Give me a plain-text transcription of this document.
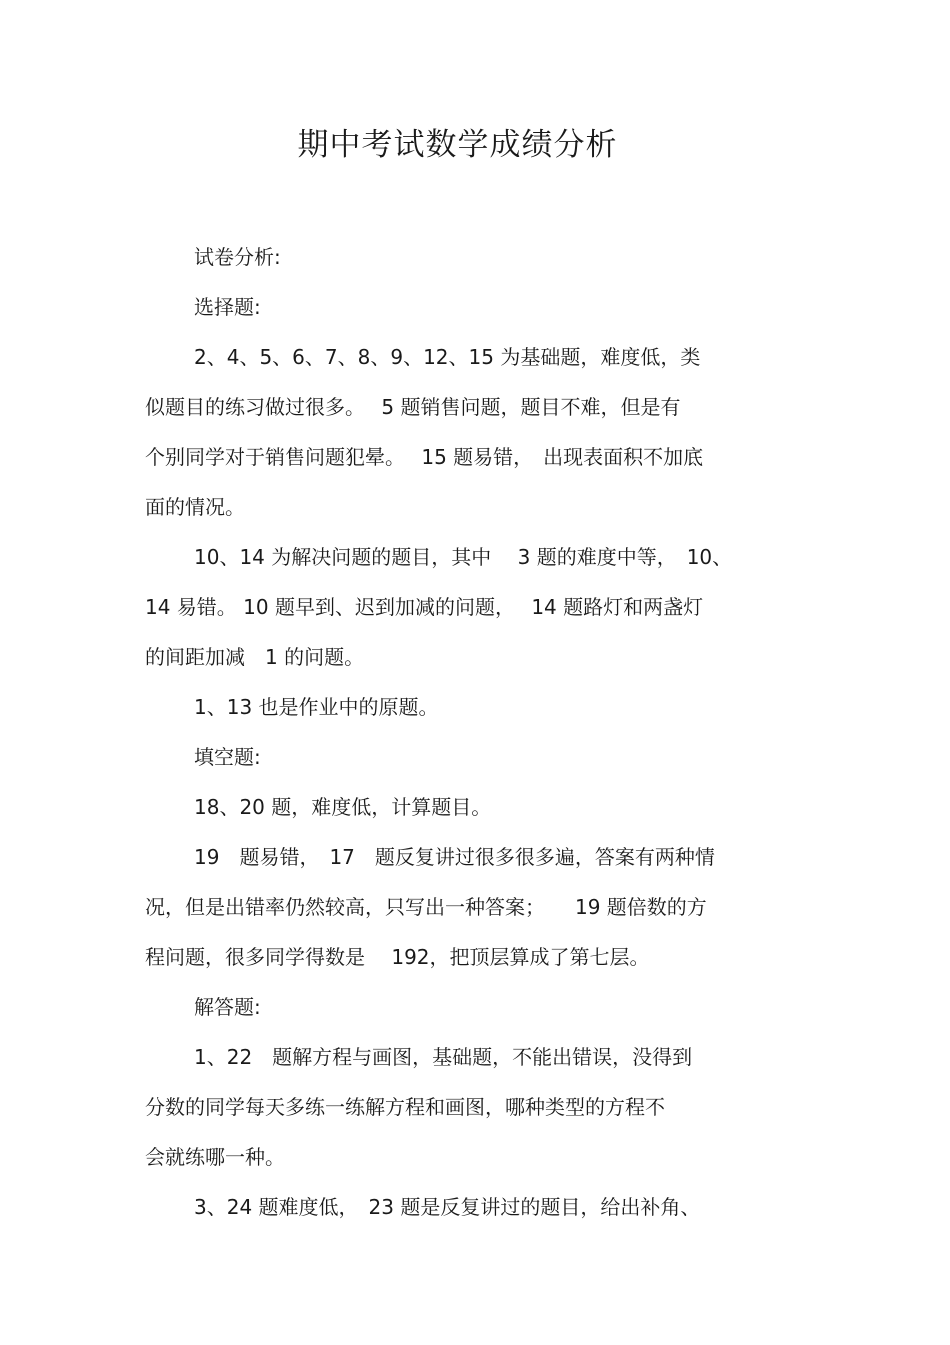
期中考试数学成绩分析

试卷分析:

选择题:

2、4、5、6、7、8、9、12、15 为基础题，难度低，类

似题目的练习做过很多。　 5 题销售问题，题目不难，但是有

个别同学对于销售问题犯晕。　 15 题易错，　出现表面积不加底

面的情况。

10、14 为解决问题的题目，其中　 3 题的难度中等，　10、

14 易错。 10 题早到、迟到加减的问题，　 14 题路灯和两盏灯

的间距加减　1 的问题。

1、13 也是作业中的原题。

填空题:

18、20 题，难度低，计算题目。

19　题易错，　17　题反复讲过很多很多遍，答案有两种情

况，但是出错率仍然较高，只写出一种答案；　　19 题倍数的方

程问题，很多同学得数是　 192，把顶层算成了第七层。

解答题:

1、22　题解方程与画图，基础题，不能出错误，没得到

分数的同学每天多练一练解方程和画图，哪种类型的方程不

会就练哪一种。

3、24 题难度低，　23 题是反复讲过的题目，给出补角、
